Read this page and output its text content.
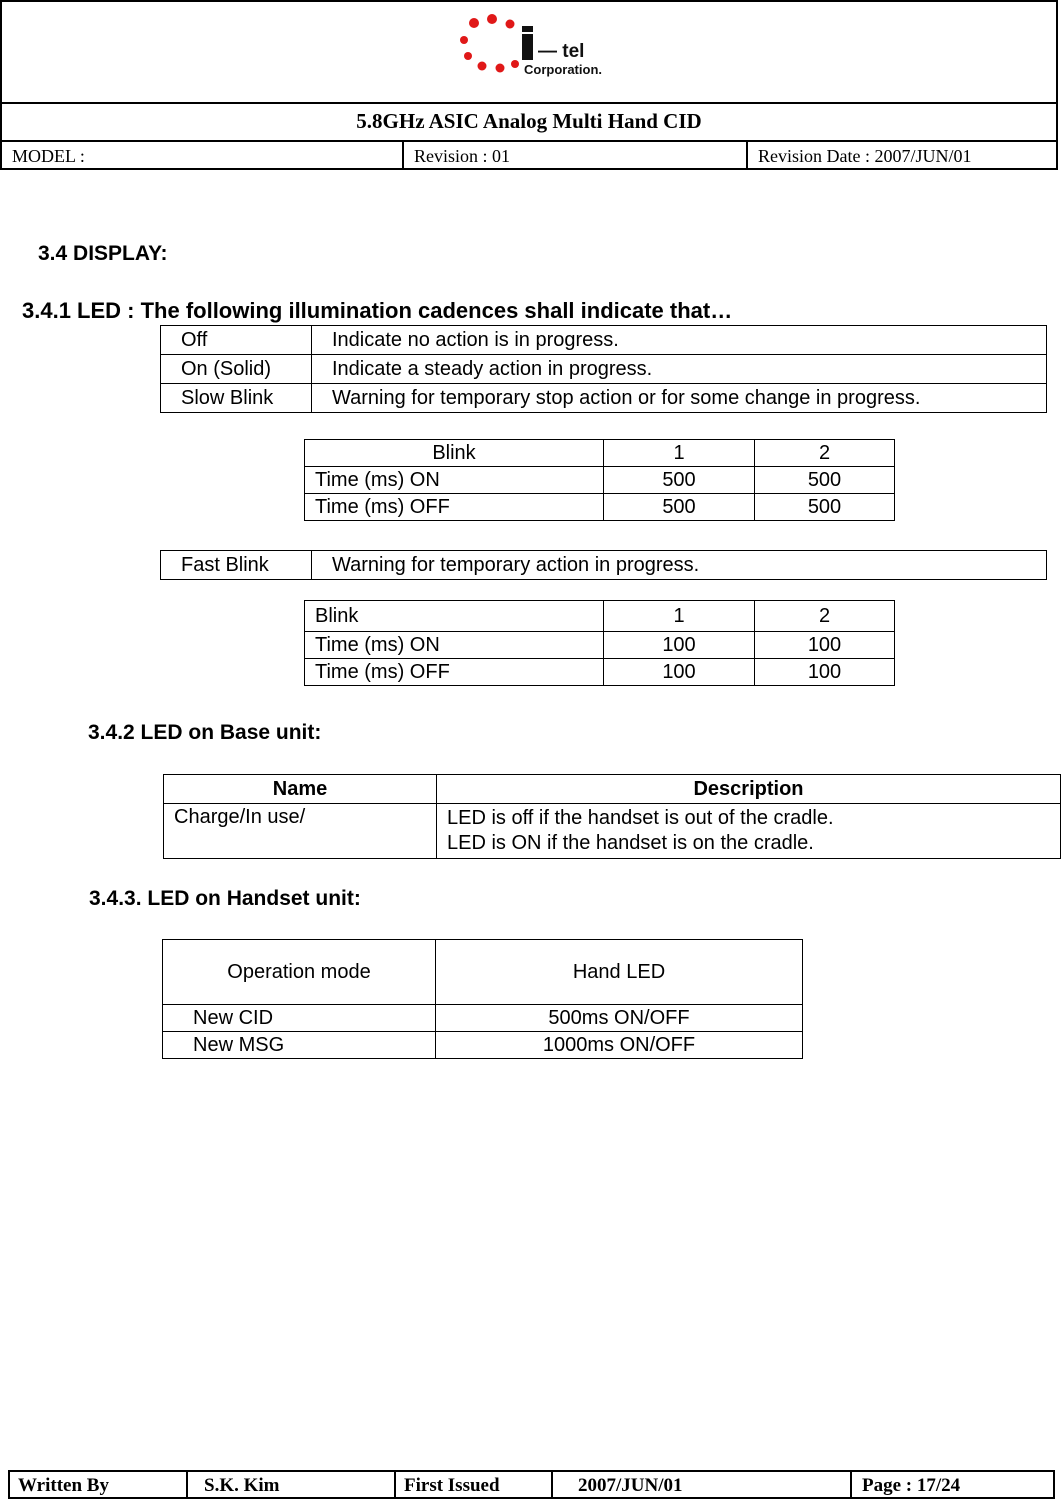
— tel
Corporation.
5.8GHz ASIC Analog Multi Hand CID
MODEL :	Revision : 01	Revision Date : 2007/JUN/01
3.4 DISPLAY:
3.4.1 LED : The following illumination cadences shall indicate that…
Off	Indicate no action is in progress.
On (Solid)	Indicate a steady action in progress.
Slow Blink	Warning for temporary stop action or for some change in progress.
Blink	1	2
Time (ms) ON	500	500
Time (ms) OFF	500	500
Fast Blink	Warning for temporary action in progress.
Blink	1	2
Time (ms) ON	100	100
Time (ms) OFF	100	100
3.4.2 LED on Base unit:
Name	Description
Charge/In use/	LED is off if the handset is out of the cradle.
LED is ON if the handset is on the cradle.
3.4.3. LED on Handset unit:
Operation mode	Hand LED
New CID	500ms ON/OFF
New MSG	1000ms ON/OFF
Written By	S.K. Kim	First Issued	2007/JUN/01	Page : 17/24
